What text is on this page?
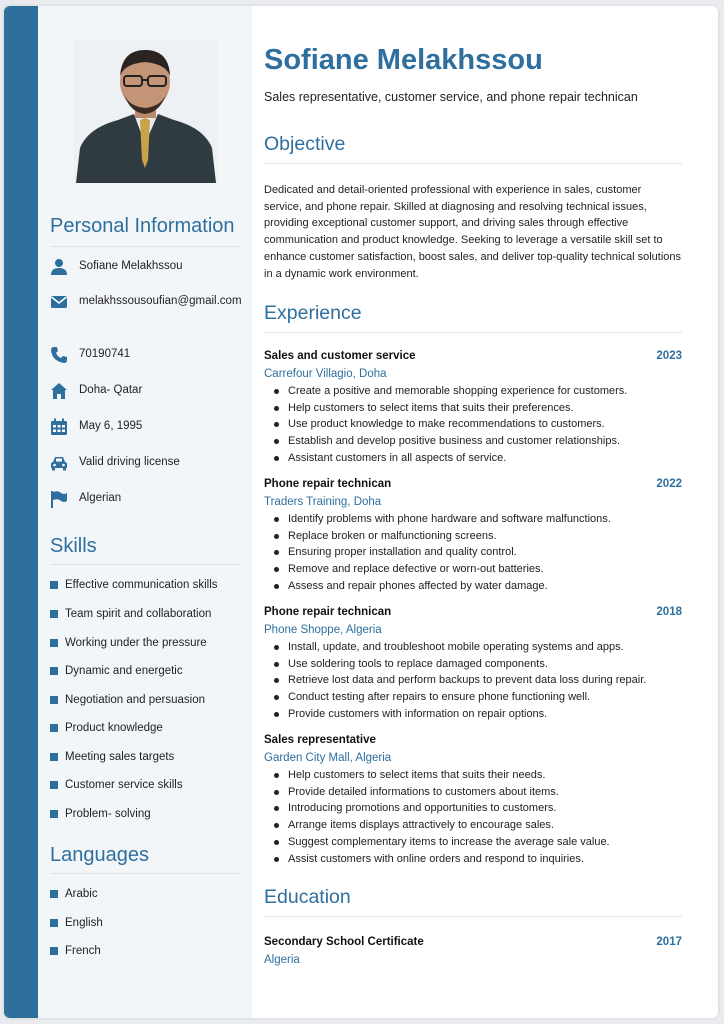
Personal Information
Sofiane Melakhssou
melakhssousoufian@gmail.com
70190741
Doha- Qatar
May 6, 1995
Valid driving license
Algerian
Skills
Effective communication skills
Team spirit and collaboration
Working under the pressure
Dynamic and energetic
Negotiation and persuasion
Product knowledge
Meeting sales targets
Customer service skills
Problem- solving
Languages
Arabic
English
French
Sofiane Melakhssou
Sales representative, customer service, and phone repair technican
Objective
Dedicated and detail-oriented professional with experience in sales, customer service, and phone repair. Skilled at diagnosing and resolving technical issues, providing exceptional customer support, and driving sales through effective communication and product knowledge. Seeking to leverage a versatile skill set to enhance customer satisfaction, boost sales, and deliver top-quality technical solutions in a dynamic work environment.
Experience
Sales and customer service	2023
Carrefour Villagio, Doha
Create a positive and memorable shopping experience for customers.
Help customers to select items that suits their preferences.
Use product knowledge to make recommendations to customers.
Establish and develop positive business and customer relationships.
Assistant customers in all aspects of service.
Phone repair technican	2022
Traders Training, Doha
Identify problems with phone hardware and software malfunctions.
Replace broken or malfunctioning screens.
Ensuring proper installation and quality control.
Remove and replace defective or worn-out batteries.
Assess and repair phones affected by water damage.
Phone repair technican	2018
Phone Shoppe, Algeria
Install, update, and troubleshoot mobile operating systems and apps.
Use soldering tools to replace damaged components.
Retrieve lost data and perform backups to prevent data loss during repair.
Conduct testing after repairs to ensure phone functioning well.
Provide customers with information on repair options.
Sales representative
Garden City Mall, Algeria
Help customers to select items that suits their needs.
Provide detailed informations to customers about items.
Introducing promotions and opportunities to customers.
Arrange items displays attractively to encourage sales.
Suggest complementary items to increase the average sale value.
Assist customers with online orders and respond to inquiries.
Education
Secondary School Certificate	2017
Algeria
